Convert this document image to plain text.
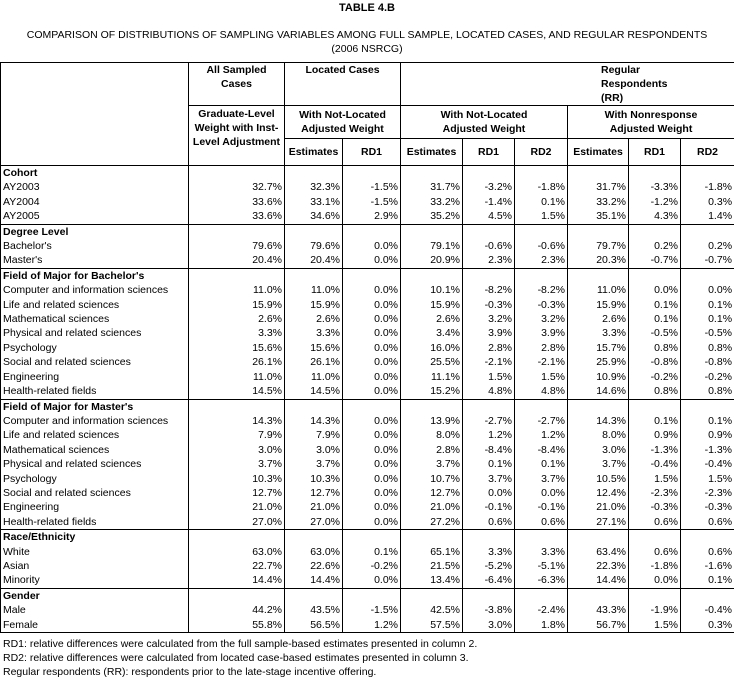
TABLE 4.B
COMPARISON OF DISTRIBUTIONS OF SAMPLING VARIABLES AMONG FULL SAMPLE, LOCATED CASES, AND REGULAR RESPONDENTS
(2006 NSRCG)
	All Sampled Cases	Located Cases		Regular Respondents (RR)					
	Graduate-Level Weight with Inst-Level Adjustment	With Not-Located Adjusted Weight		With Not-Located Adjusted Weight			With Nonresponse Adjusted Weight		
		Estimates	RD1	Estimates	RD1	RD2	Estimates	RD1	RD2
Cohort									
AY2003	32.7%	32.3%	-1.5%	31.7%	-3.2%	-1.8%	31.7%	-3.3%	-1.8%
AY2004	33.6%	33.1%	-1.5%	33.2%	-1.4%	0.1%	33.2%	-1.2%	0.3%
AY2005	33.6%	34.6%	2.9%	35.2%	4.5%	1.5%	35.1%	4.3%	1.4%
Degree Level									
Bachelor's	79.6%	79.6%	0.0%	79.1%	-0.6%	-0.6%	79.7%	0.2%	0.2%
Master's	20.4%	20.4%	0.0%	20.9%	2.3%	2.3%	20.3%	-0.7%	-0.7%
Field of Major for Bachelor's									
Computer and information sciences	11.0%	11.0%	0.0%	10.1%	-8.2%	-8.2%	11.0%	0.0%	0.0%
Life and related sciences	15.9%	15.9%	0.0%	15.9%	-0.3%	-0.3%	15.9%	0.1%	0.1%
Mathematical sciences	2.6%	2.6%	0.0%	2.6%	3.2%	3.2%	2.6%	0.1%	0.1%
Physical and related sciences	3.3%	3.3%	0.0%	3.4%	3.9%	3.9%	3.3%	-0.5%	-0.5%
Psychology	15.6%	15.6%	0.0%	16.0%	2.8%	2.8%	15.7%	0.8%	0.8%
Social and related sciences	26.1%	26.1%	0.0%	25.5%	-2.1%	-2.1%	25.9%	-0.8%	-0.8%
Engineering	11.0%	11.0%	0.0%	11.1%	1.5%	1.5%	10.9%	-0.2%	-0.2%
Health-related fields	14.5%	14.5%	0.0%	15.2%	4.8%	4.8%	14.6%	0.8%	0.8%
Field of Major for Master's									
Computer and information sciences	14.3%	14.3%	0.0%	13.9%	-2.7%	-2.7%	14.3%	0.1%	0.1%
Life and related sciences	7.9%	7.9%	0.0%	8.0%	1.2%	1.2%	8.0%	0.9%	0.9%
Mathematical sciences	3.0%	3.0%	0.0%	2.8%	-8.4%	-8.4%	3.0%	-1.3%	-1.3%
Physical and related sciences	3.7%	3.7%	0.0%	3.7%	0.1%	0.1%	3.7%	-0.4%	-0.4%
Psychology	10.3%	10.3%	0.0%	10.7%	3.7%	3.7%	10.5%	1.5%	1.5%
Social and related sciences	12.7%	12.7%	0.0%	12.7%	0.0%	0.0%	12.4%	-2.3%	-2.3%
Engineering	21.0%	21.0%	0.0%	21.0%	-0.1%	-0.1%	21.0%	-0.3%	-0.3%
Health-related fields	27.0%	27.0%	0.0%	27.2%	0.6%	0.6%	27.1%	0.6%	0.6%
Race/Ethnicity									
White	63.0%	63.0%	0.1%	65.1%	3.3%	3.3%	63.4%	0.6%	0.6%
Asian	22.7%	22.6%	-0.2%	21.5%	-5.2%	-5.1%	22.3%	-1.8%	-1.6%
Minority	14.4%	14.4%	0.0%	13.4%	-6.4%	-6.3%	14.4%	0.0%	0.1%
Gender									
Male	44.2%	43.5%	-1.5%	42.5%	-3.8%	-2.4%	43.3%	-1.9%	-0.4%
Female	55.8%	56.5%	1.2%	57.5%	3.0%	1.8%	56.7%	1.5%	0.3%
RD1: relative differences were calculated from the full sample-based estimates presented in column 2.
RD2: relative differences were calculated from located case-based estimates presented in column 3.
Regular respondents (RR): respondents prior to the late-stage incentive offering.
